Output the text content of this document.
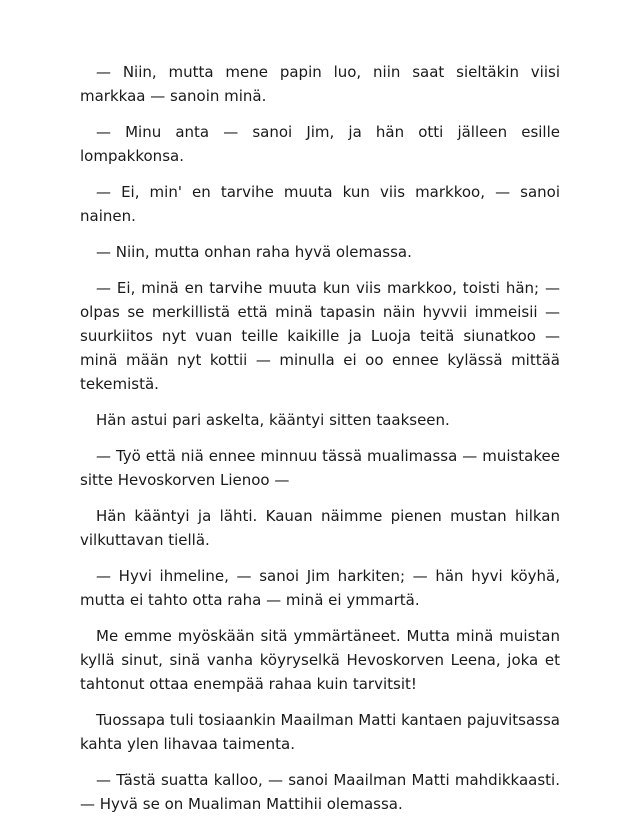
— Niin, mutta mene papin luo, niin saat sieltäkin viisi markkaa — sanoin minä.

— Minu anta — sanoi Jim, ja hän otti jälleen esille lompakkonsa.

— Ei, min' en tarvihe muuta kun viis markkoo, — sanoi nainen.

— Niin, mutta onhan raha hyvä olemassa.

— Ei, minä en tarvihe muuta kun viis markkoo, toisti hän; — olpas se merkillistä että minä tapasin näin hyvvii immeisii — suurkiitos nyt vuan teille kaikille ja Luoja teitä siunatkoo — minä mään nyt kottii — minulla ei oo ennee kylässä mittää tekemistä.

Hän astui pari askelta, kääntyi sitten taakseen.

— Työ että niä ennee minnuu tässä mualimassa — muistakee sitte Hevoskorven Lienoo —

Hän kääntyi ja lähti. Kauan näimme pienen mustan hilkan vilkuttavan tiellä.

— Hyvi ihmeline, — sanoi Jim harkiten; — hän hyvi köyhä, mutta ei tahto otta raha — minä ei ymmartä.

Me emme myöskään sitä ymmärtäneet. Mutta minä muistan kyllä sinut, sinä vanha köyryselkä Hevoskorven Leena, joka et tahtonut ottaa enempää rahaa kuin tarvitsit!

Tuossapa tuli tosiaankin Maailman Matti kantaen pajuvitsassa kahta ylen lihavaa taimenta.

— Tästä suatta kalloo, — sanoi Maailman Matti mahdikkaasti. — Hyvä se on Mualiman Mattihii olemassa.
